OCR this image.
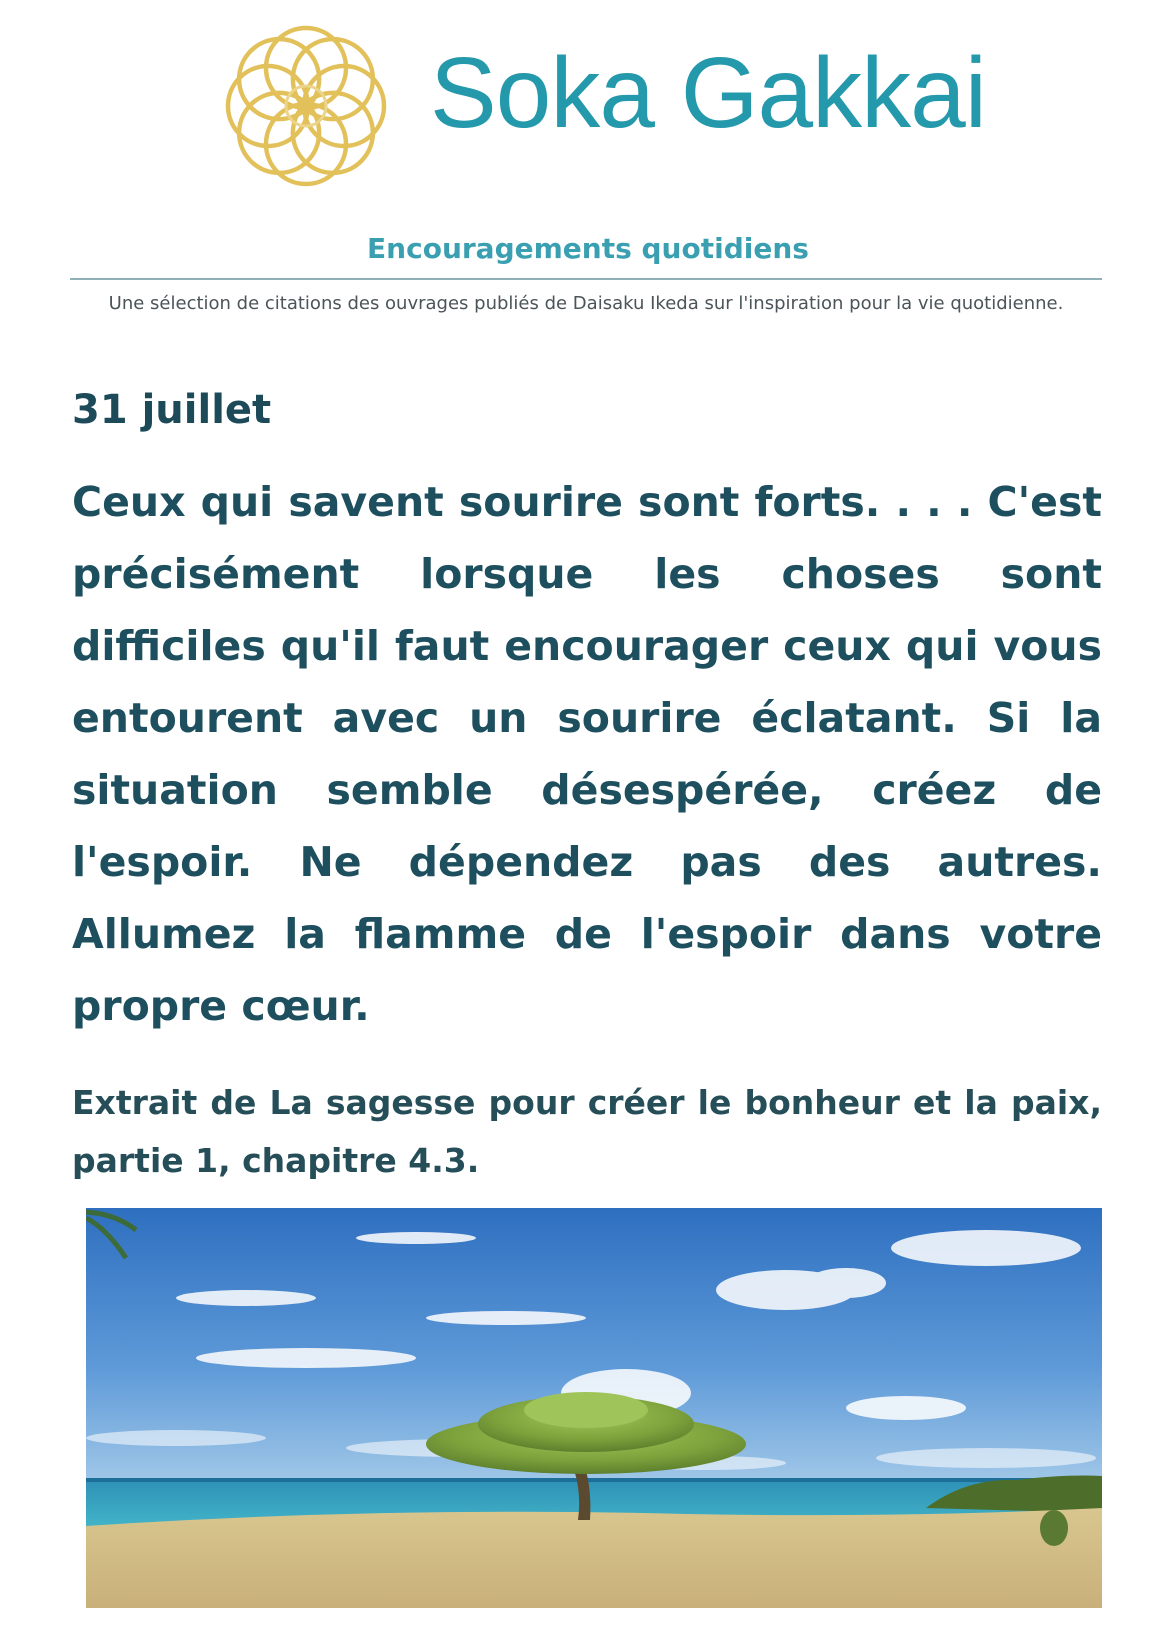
Soka Gakkai
Encouragements quotidiens
Une sélection de citations des ouvrages publiés de Daisaku Ikeda sur l'inspiration pour la vie quotidienne.
31 juillet

Ceux qui savent sourire sont forts. . . . C'est précisément lorsque les choses sont difficiles qu'il faut encourager ceux qui vous entourent avec un sourire éclatant. Si la situation semble désespérée, créez de l'espoir. Ne dépendez pas des autres. Allumez la flamme de l'espoir dans votre propre cœur.

Extrait de La sagesse pour créer le bonheur et la paix, partie 1, chapitre 4.3.
